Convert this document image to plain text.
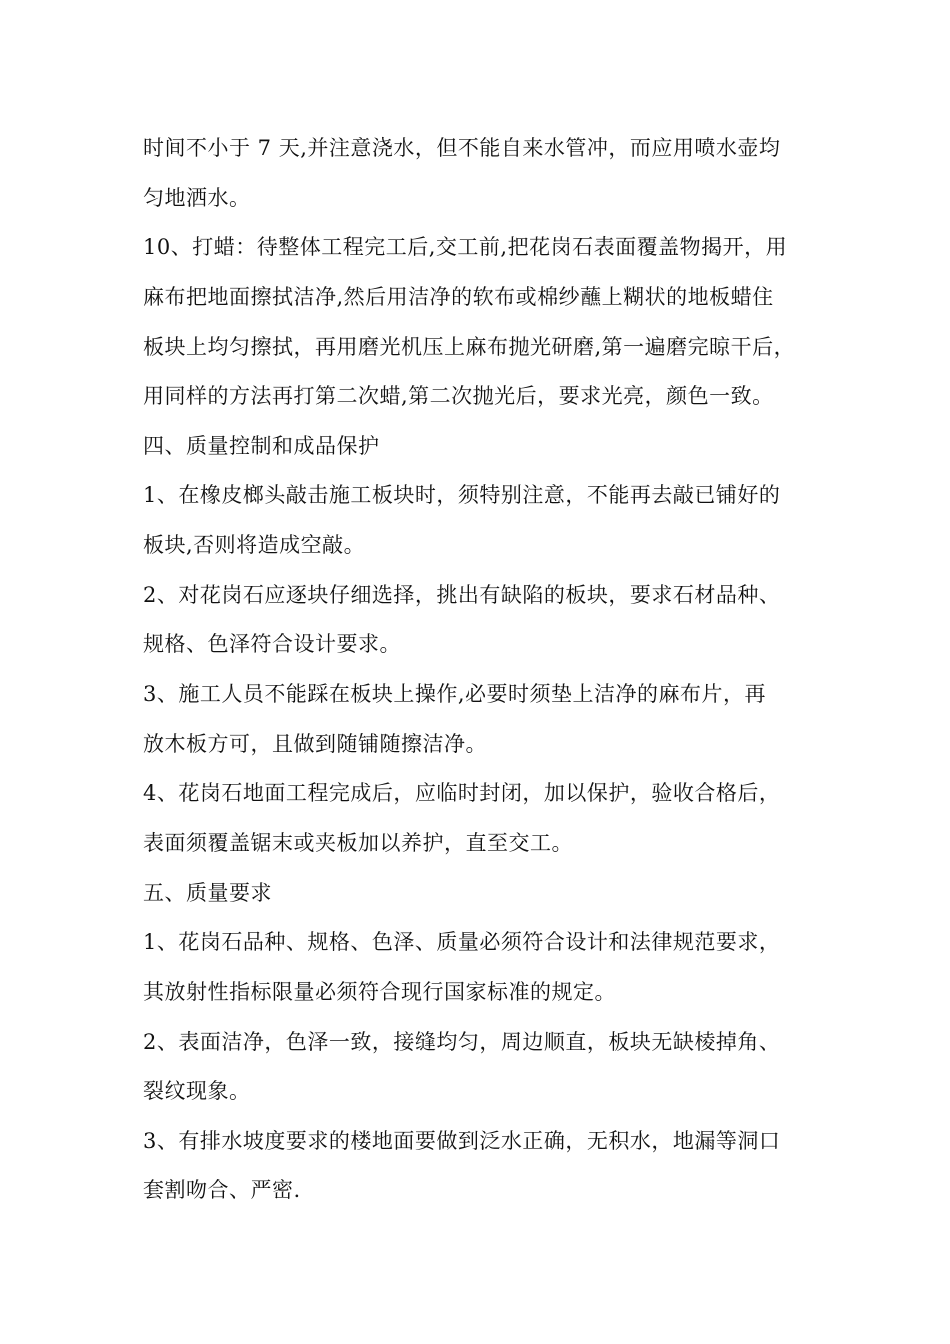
时间不小于 7 天,并注意浇水，但不能自来水管冲，而应用喷水壶均
匀地洒水。
10、打蜡：待整体工程完工后,交工前,把花岗石表面覆盖物揭开，用
麻布把地面擦拭洁净,然后用洁净的软布或棉纱蘸上糊状的地板蜡住
板块上均匀擦拭，再用磨光机压上麻布抛光研磨,第一遍磨完晾干后，
用同样的方法再打第二次蜡,第二次抛光后，要求光亮，颜色一致。
四、质量控制和成品保护
1、在橡皮榔头敲击施工板块时，须特别注意，不能再去敲已铺好的
板块,否则将造成空敲。
2、对花岗石应逐块仔细选择，挑出有缺陷的板块，要求石材品种、
规格、色泽符合设计要求。
3、施工人员不能踩在板块上操作,必要时须垫上洁净的麻布片，再
放木板方可，且做到随铺随擦洁净。
4、花岗石地面工程完成后，应临时封闭，加以保护，验收合格后，
表面须覆盖锯末或夹板加以养护，直至交工。
五、质量要求
1、花岗石品种、规格、色泽、质量必须符合设计和法律规范要求，
其放射性指标限量必须符合现行国家标准的规定。
2、表面洁净，色泽一致，接缝均匀，周边顺直，板块无缺棱掉角、
裂纹现象。
3、有排水坡度要求的楼地面要做到泛水正确，无积水，地漏等洞口
套割吻合、严密.
